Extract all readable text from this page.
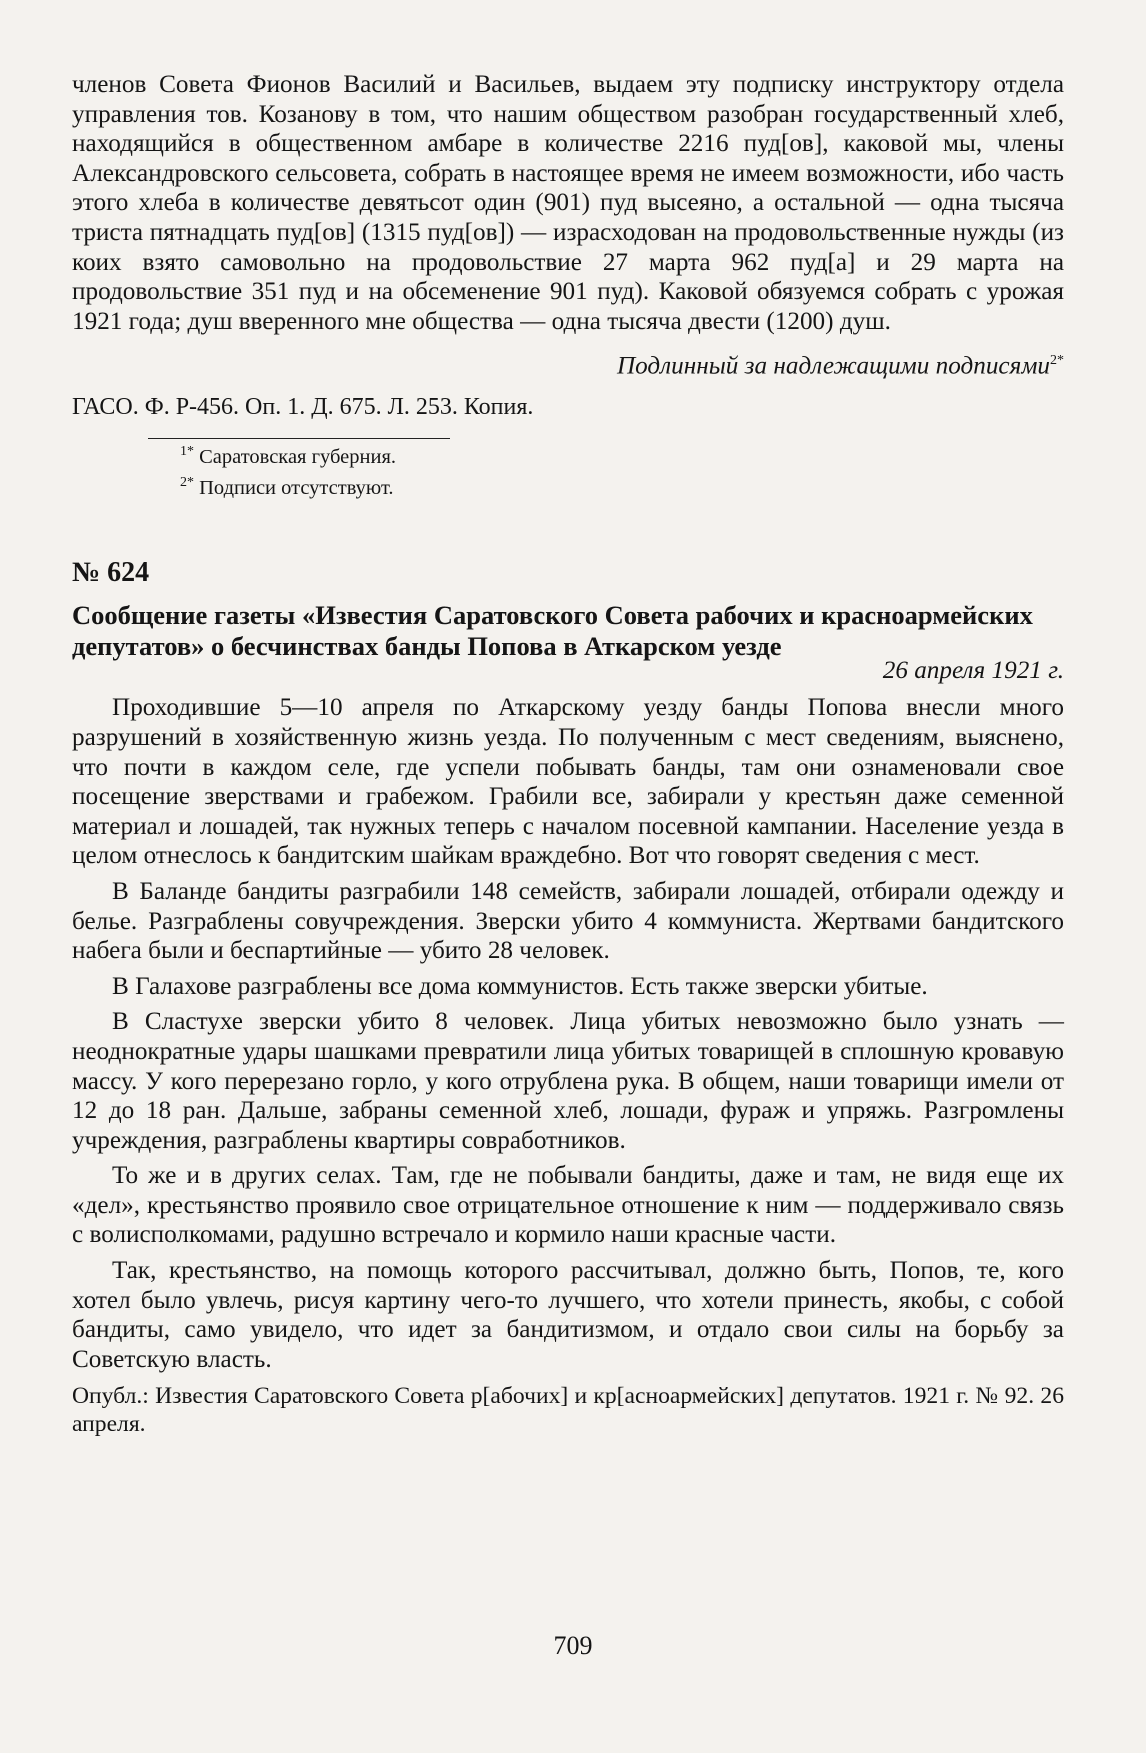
членов Совета Фионов Василий и Васильев, выдаем эту подписку инструктору отдела управления тов. Козанову в том, что нашим обществом разобран государственный хлеб, находящийся в общественном амбаре в количестве 2216 пуд[ов], каковой мы, члены Александровского сельсовета, собрать в настоящее время не имеем возможности, ибо часть этого хлеба в количестве девятьсот один (901) пуд высеяно, а остальной — одна тысяча триста пятнадцать пуд[ов] (1315 пуд[ов]) — израсходован на продовольственные нужды (из коих взято самовольно на продовольствие 27 марта 962 пуд[а] и 29 марта на продовольствие 351 пуд и на обсеменение 901 пуд). Каковой обязуемся собрать с урожая 1921 года; душ вверенного мне общества — одна тысяча двести (1200) душ.

Подлинный за надлежащими подписями$^{2*}$

ГАСО. Ф. Р-456. Оп. 1. Д. 675. Л. 253. Копия.

$^{1*}$ Саратовская губерния.

$^{2*}$ Подписи отсутствуют.

№ 624

Сообщение газеты «Известия Саратовского Совета рабочих и красноармейских депутатов» о бесчинствах банды Попова в Аткарском уезде

26 апреля 1921 г.

Проходившие 5—10 апреля по Аткарскому уезду банды Попова внесли много разрушений в хозяйственную жизнь уезда. По полученным с мест сведениям, выяснено, что почти в каждом селе, где успели побывать банды, там они ознаменовали свое посещение зверствами и грабежом. Грабили все, забирали у крестьян даже семенной материал и лошадей, так нужных теперь с началом посевной кампании. Население уезда в целом отнеслось к бандитским шайкам враждебно. Вот что говорят сведения с мест.

В Баланде бандиты разграбили 148 семейств, забирали лошадей, отбирали одежду и белье. Разграблены совучреждения. Зверски убито 4 коммуниста. Жертвами бандитского набега были и беспартийные — убито 28 человек.

В Галахове разграблены все дома коммунистов. Есть также зверски убитые.

В Сластухе зверски убито 8 человек. Лица убитых невозможно было узнать — неоднократные удары шашками превратили лица убитых товарищей в сплошную кровавую массу. У кого перерезано горло, у кого отрублена рука. В общем, наши товарищи имели от 12 до 18 ран. Дальше, забраны семенной хлеб, лошади, фураж и упряжь. Разгромлены учреждения, разграблены квартиры совработников.

То же и в других селах. Там, где не побывали бандиты, даже и там, не видя еще их «дел», крестьянство проявило свое отрицательное отношение к ним — поддерживало связь с волисполкомами, радушно встречало и кормило наши красные части.

Так, крестьянство, на помощь которого рассчитывал, должно быть, Попов, те, кого хотел было увлечь, рисуя картину чего-то лучшего, что хотели принесть, якобы, с собой бандиты, само увидело, что идет за бандитизмом, и отдало свои силы на борьбу за Советскую власть.

Опубл.: Известия Саратовского Совета р[абочих] и кр[асноармейских] депутатов. 1921 г. № 92. 26 апреля.

709
